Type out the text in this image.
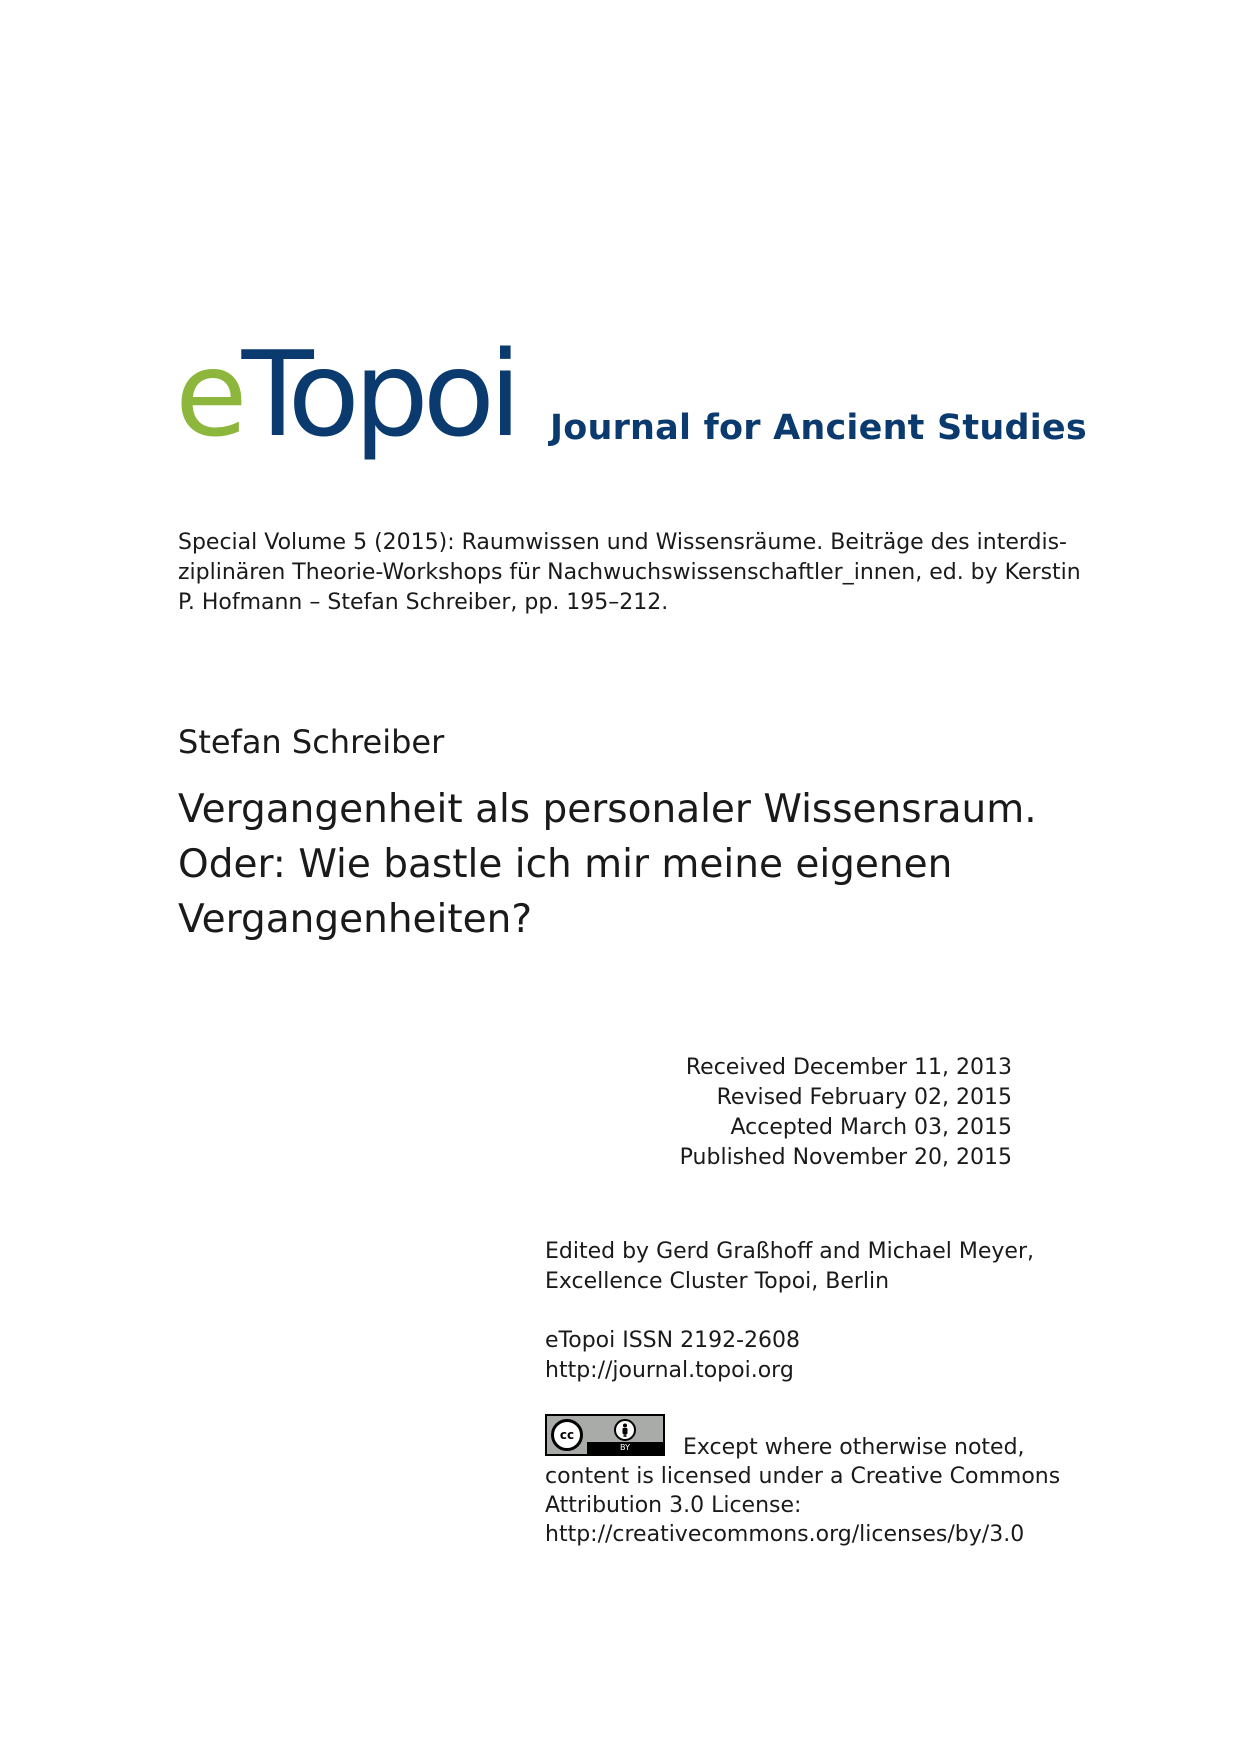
eTopoi Journal for Ancient Studies
Special Volume 5 (2015): Raumwissen und Wissensräume. Beiträge des interdis-
ziplinären Theorie-Workshops für Nachwuchswissenschaftler_innen, ed. by Kerstin
P. Hofmann – Stefan Schreiber, pp. 195–212.
Stefan Schreiber
Vergangenheit als personaler Wissensraum.
Oder: Wie bastle ich mir meine eigenen
Vergangenheiten?
Received December 11, 2013
Revised February 02, 2015
Accepted March 03, 2015
Published November 20, 2015
Edited by Gerd Graßhoff and Michael Meyer,
Excellence Cluster Topoi, Berlin
eTopoi ISSN 2192-2608
http://journal.topoi.org
cc
BY	Except where otherwise noted,
content is licensed under a Creative Commons
Attribution 3.0 License:
http://creativecommons.org/licenses/by/3.0
